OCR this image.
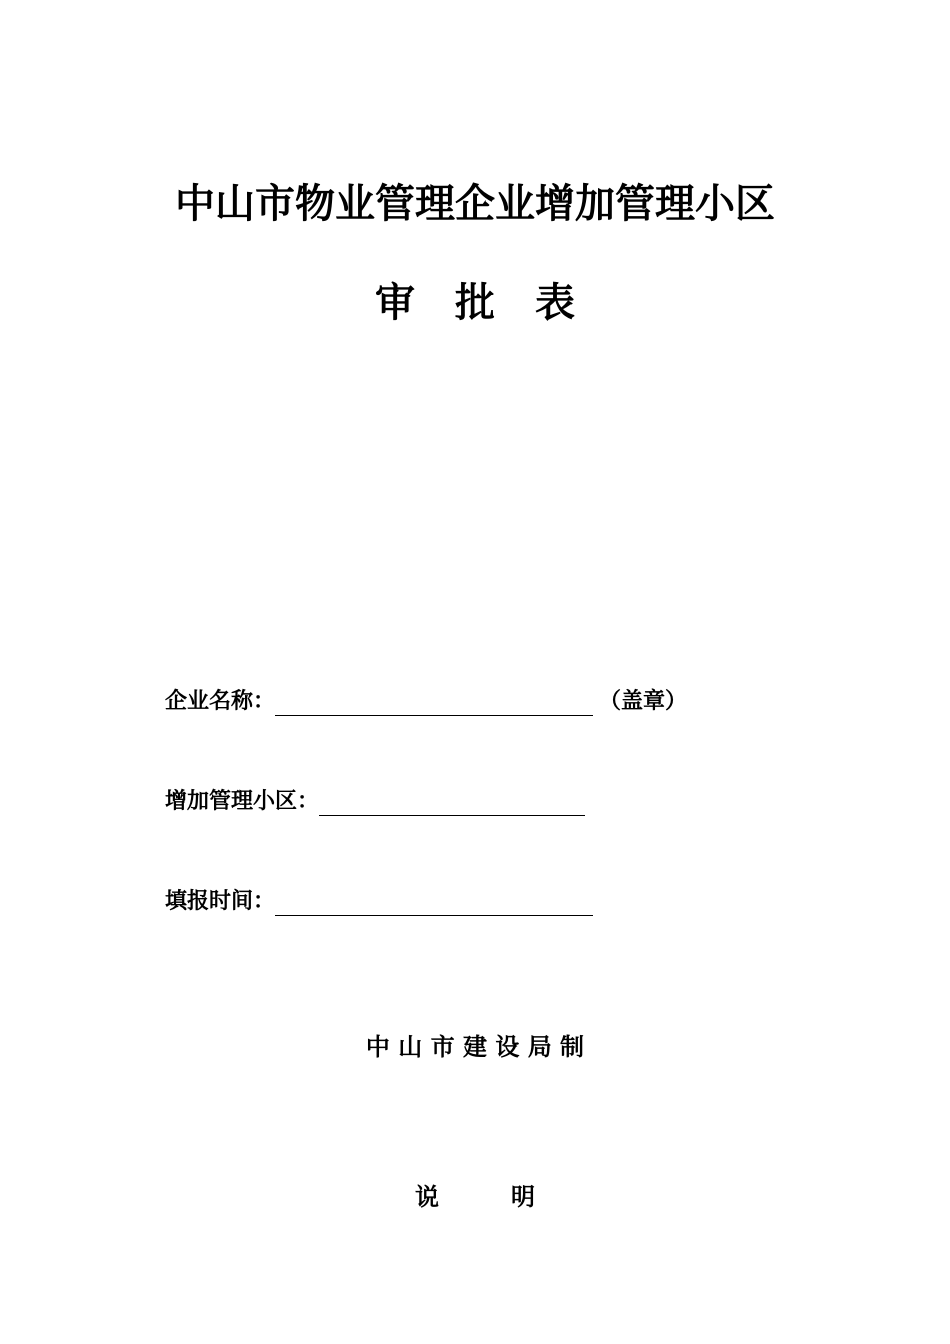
中山市物业管理企业增加管理小区
审　批　表
企业名称：	（盖章）
增加管理小区：
填报时间：
中 山 市 建 设 局 制
说　　　明
